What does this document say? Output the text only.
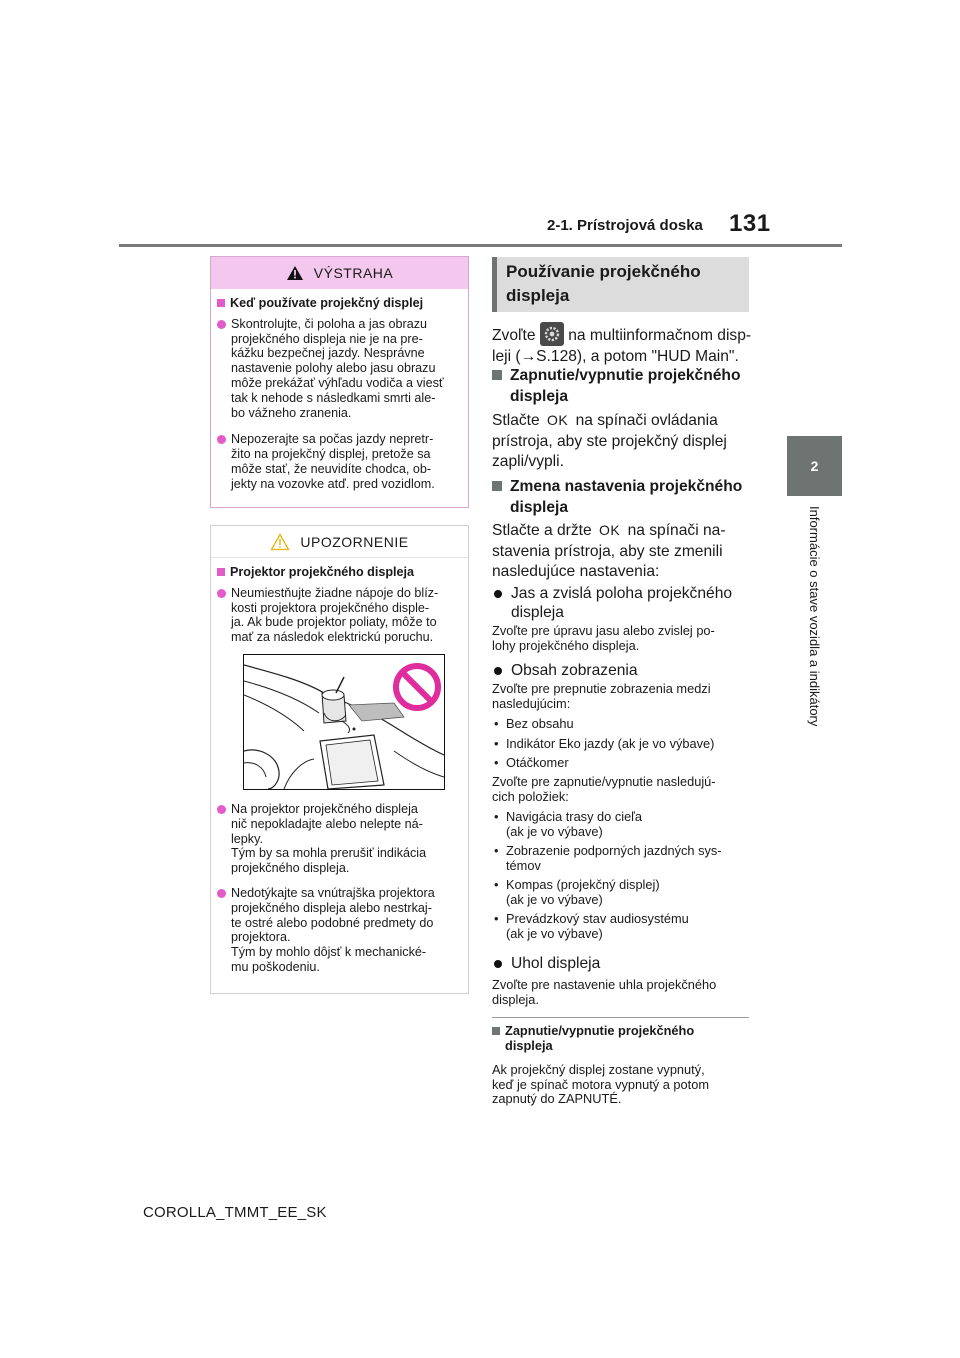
2-1. Prístrojová doska 131
2
Informácie o stave vozidla a indikátory
VÝSTRAHA
Keď používate projekčný displej
Skontrolujte, či poloha a jas obrazu
projekčného displeja nie je na pre-
kážku bezpečnej jazdy. Nesprávne
nastavenie polohy alebo jasu obrazu
môže prekážať výhľadu vodiča a viesť
tak k nehode s následkami smrti ale-
bo vážneho zranenia.
Nepozerajte sa počas jazdy nepretr-
žito na projekčný displej, pretože sa
môže stať, že neuvidíte chodca, ob-
jekty na vozovke atď. pred vozidlom.
UPOZORNENIE
Projektor projekčného displeja
Neumiestňujte žiadne nápoje do blíz-
kosti projektora projekčného disple-
ja. Ak bude projektor poliaty, môže to
mať za následok elektrickú poruchu.
Na projektor projekčného displeja
nič nepokladajte alebo nelepte ná-
lepky.
Tým by sa mohla prerušiť indikácia
projekčného displeja.
Nedotýkajte sa vnútrajška projektora
projekčného displeja alebo nestrkaj-
te ostré alebo podobné predmety do
projektora.
Tým by mohlo dôjsť k mechanické-
mu poškodeniu.
Používanie projekčného
displeja
Zvoľte  na multiinformačnom disp-
leji (→S.128), a potom "HUD Main".
Zapnutie/vypnutie projekčného
displeja
Stlačte OK na spínači ovládania
prístroja, aby ste projekčný displej
zapli/vypli.
Zmena nastavenia projekčného
displeja
Stlačte a držte OK na spínači na-
stavenia prístroja, aby ste zmenili
nasledujúce nastavenia:
Jas a zvislá poloha projekčného
displeja
Zvoľte pre úpravu jasu alebo zvislej po-
lohy projekčného displeja.
Obsah zobrazenia
Zvoľte pre prepnutie zobrazenia medzi
nasledujúcim:
• Bez obsahu
• Indikátor Eko jazdy (ak je vo výbave)
• Otáčkomer
Zvoľte pre zapnutie/vypnutie nasledujú-
cich položiek:
• Navigácia trasy do cieľa
(ak je vo výbave)
• Zobrazenie podporných jazdných sys-
témov
• Kompas (projekčný displej)
(ak je vo výbave)
• Prevádzkový stav audiosystému
(ak je vo výbave)
Uhol displeja
Zvoľte pre nastavenie uhla projekčného
displeja.
Zapnutie/vypnutie projekčného
displeja
Ak projekčný displej zostane vypnutý,
keď je spínač motora vypnutý a potom
zapnutý do ZAPNUTÉ.
COROLLA_TMMT_EE_SK
